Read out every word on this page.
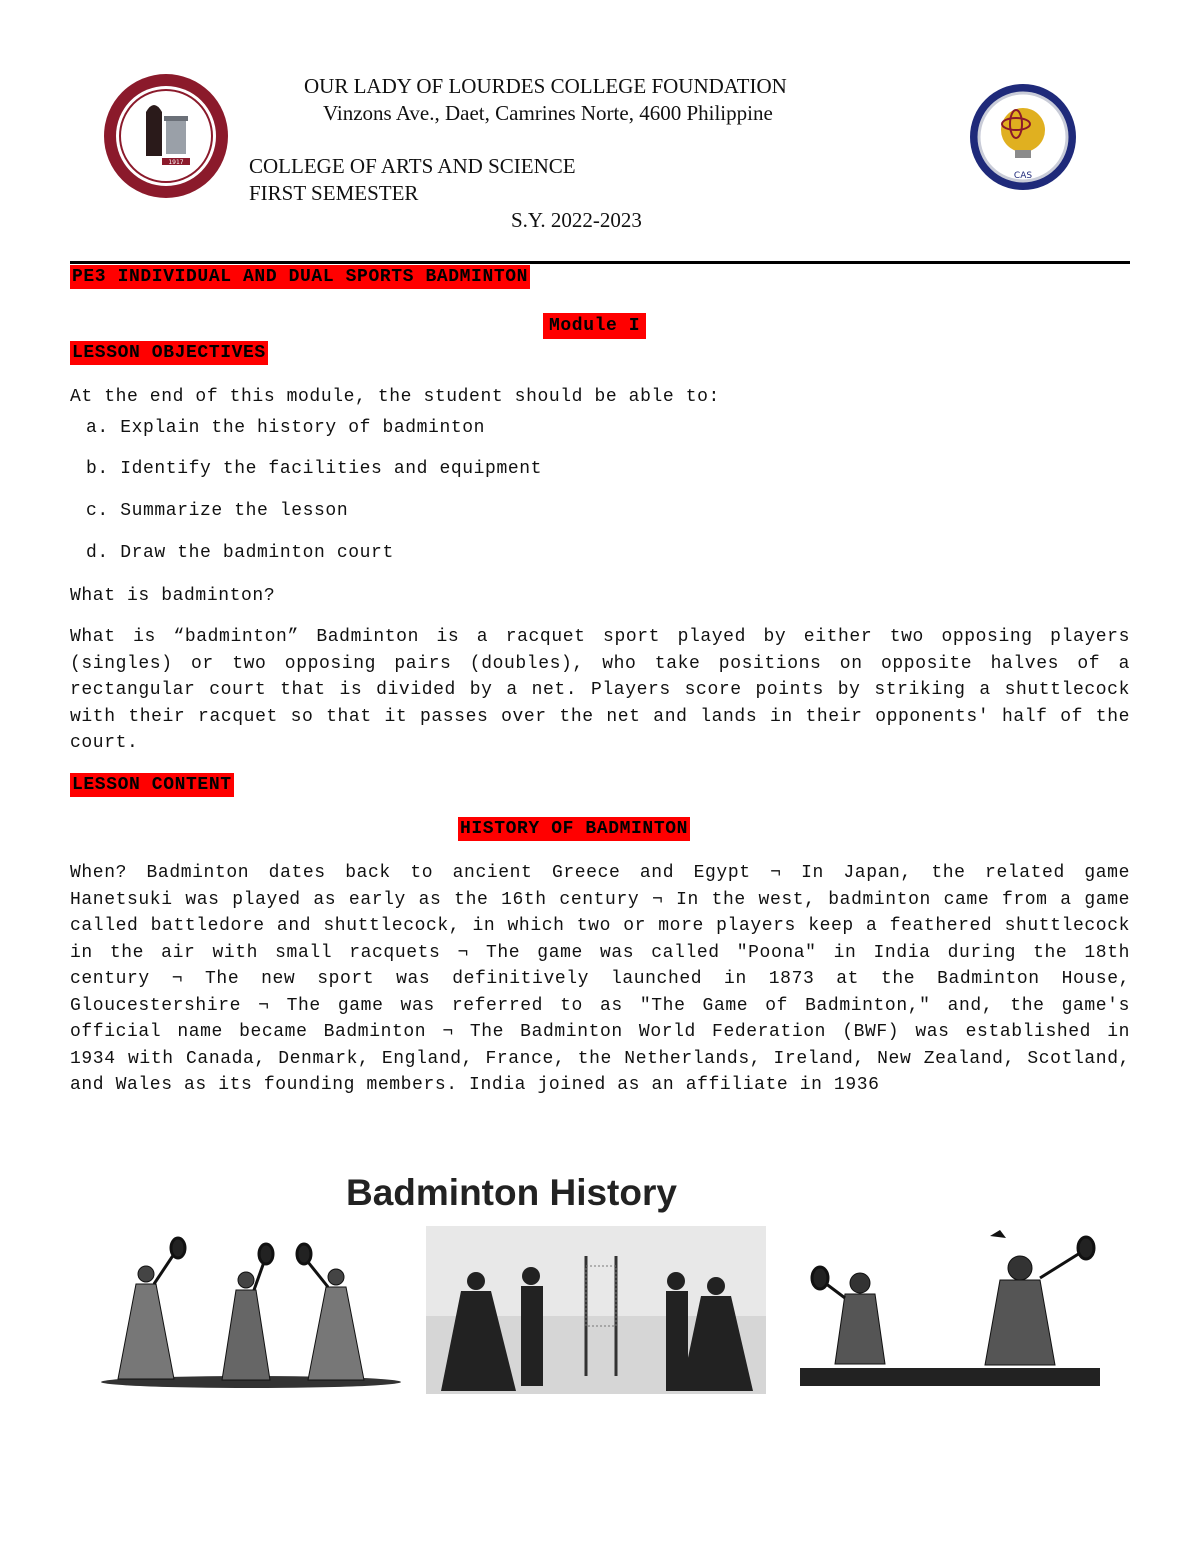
1917
OUR LADY OF LOURDES COLLEGE FOUNDATION
Vinzons Ave., Daet, Camrines Norte, 4600 Philippine
COLLEGE OF ARTS AND SCIENCE
FIRST SEMESTER
S.Y. 2022-2023
CAS
PE3 INDIVIDUAL AND DUAL SPORTS BADMINTON
Module I
LESSON OBJECTIVES
At the end of this module, the student should be able to:
a. Explain the history of badminton
b. Identify the facilities and equipment
c. Summarize the lesson
d. Draw the badminton court
What is badminton?

What is “badminton” Badminton is a racquet sport played by either two opposing players (singles) or two opposing pairs (doubles), who take positions on opposite halves of a rectangular court that is divided by a net. Players score points by striking a shuttlecock with their racquet so that it passes over the net and lands in their opponents' half of the court.

LESSON CONTENT
HISTORY OF BADMINTON

When? Badminton dates back to ancient Greece and Egypt ¬ In Japan, the related game Hanetsuki was played as early as the 16th century ¬ In the west, badminton came from a game called battledore and shuttlecock, in which two or more players keep a feathered shuttlecock in the air with small racquets ¬ The game was called "Poona" in India during the 18th century ¬ The new sport was definitively launched in 1873 at the Badminton House, Gloucestershire ¬ The game was referred to as "The Game of Badminton," and, the game's official name became Badminton ¬ The Badminton World Federation (BWF) was established in 1934 with Canada, Denmark, England, France, the Netherlands, Ireland, New Zealand, Scotland, and Wales as its founding members. India joined as an affiliate in 1936

Badminton History
